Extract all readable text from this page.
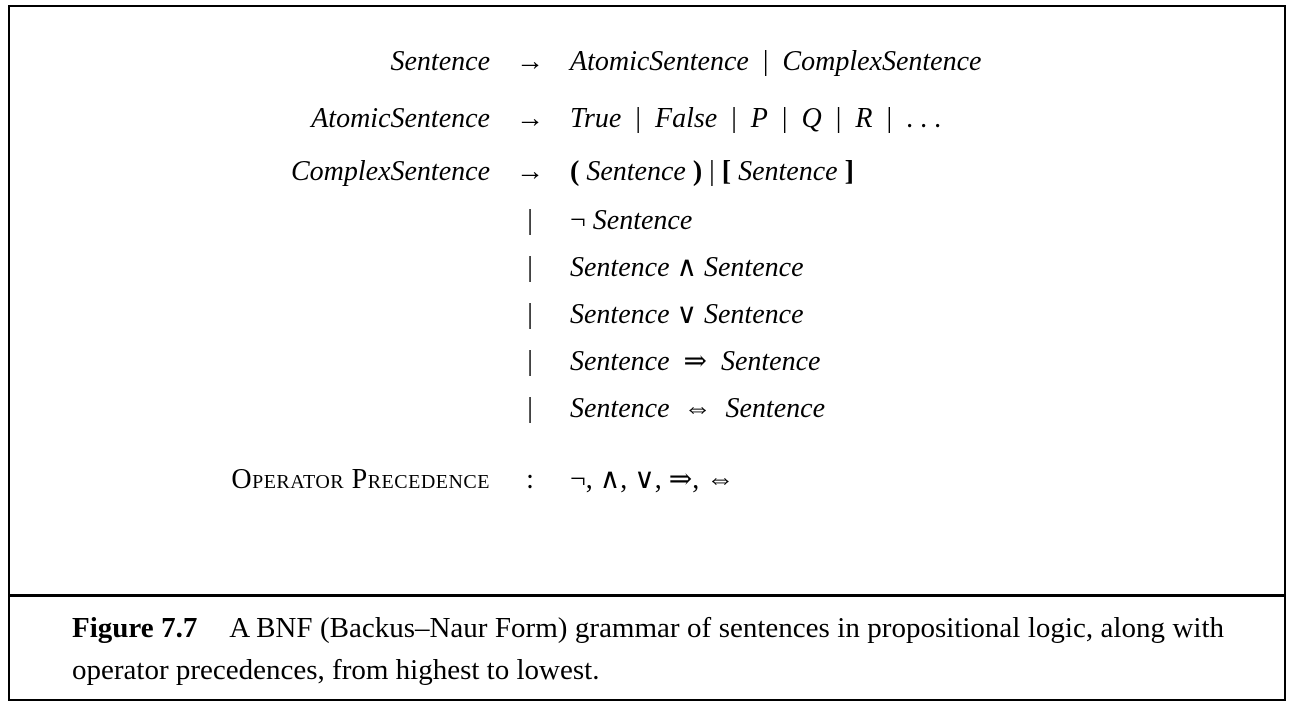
Sentence → AtomicSentence  |  ComplexSentence
AtomicSentence → True  |  False  |  P  |  Q  |  R  |  . . .
ComplexSentence → ( Sentence ) | [ Sentence ]
|	¬ Sentence
|	Sentence ∧ Sentence
|	Sentence ∨ Sentence
|	Sentence  ⇒  Sentence
|	Sentence  ⇔  Sentence
Operator Precedence	:	¬, ∧, ∨, ⇒, ⇔

Figure 7.7 A BNF (Backus–Naur Form) grammar of sentences in propositional logic, along with operator precedences, from highest to lowest.
